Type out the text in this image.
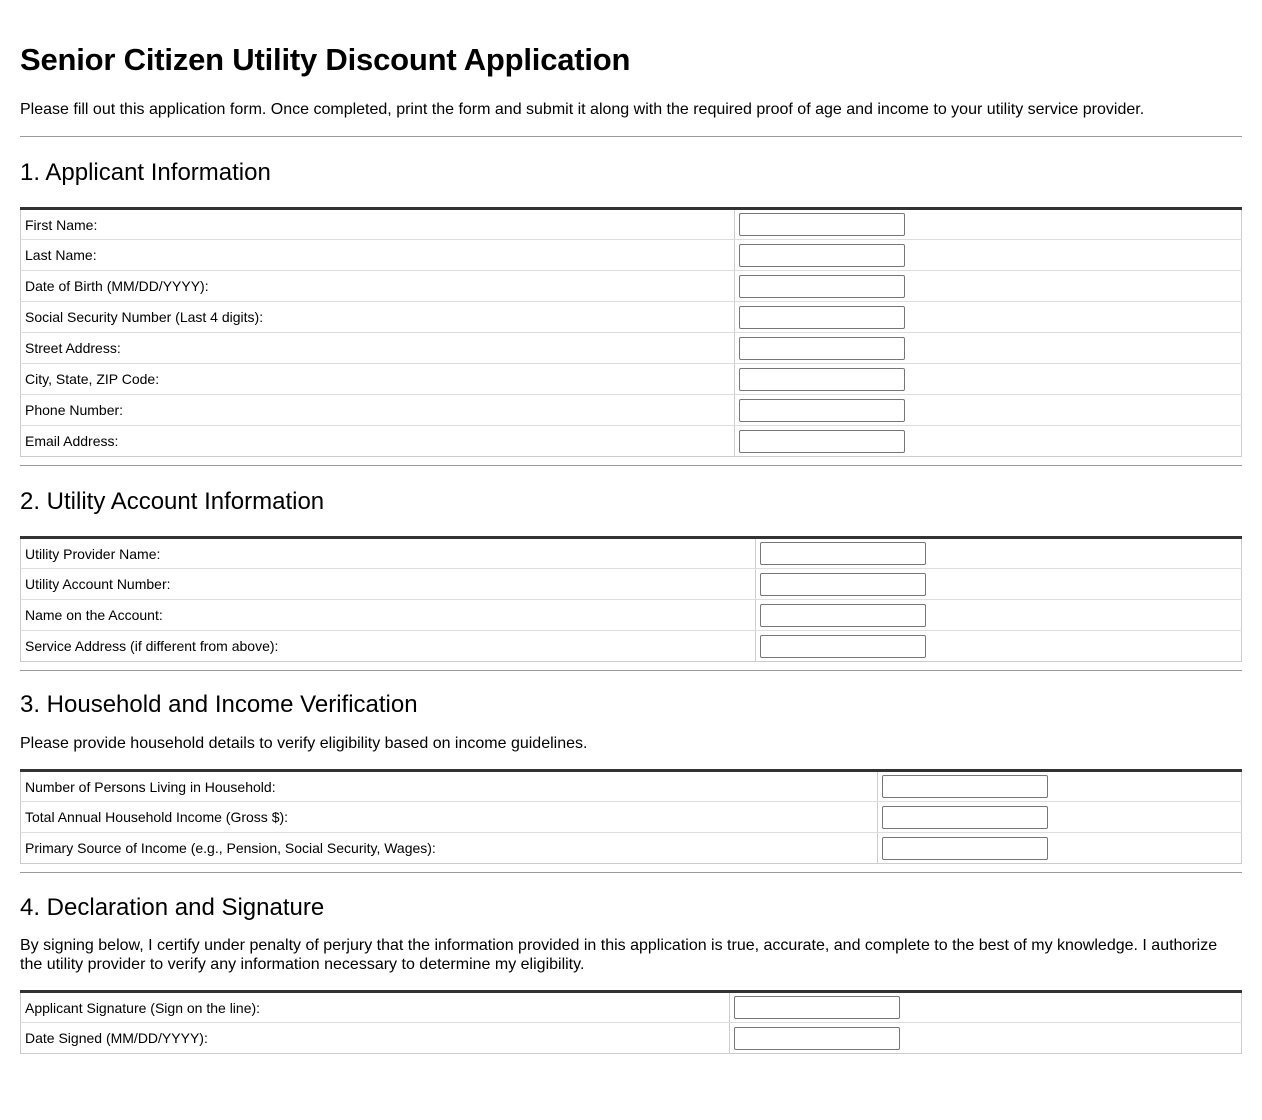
Senior Citizen Utility Discount Application

Please fill out this application form. Once completed, print the form and submit it along with the required proof of age and income to your utility service provider.

1. Applicant Information
First Name:	

Last Name:	

Date of Birth (MM/DD/YYYY):	

Social Security Number (Last 4 digits):	

Street Address:	

City, State, ZIP Code:	

Phone Number:	

Email Address:	
2. Utility Account Information
Utility Provider Name:	

Utility Account Number:	

Name on the Account:	

Service Address (if different from above):	
3. Household and Income Verification

Please provide household details to verify eligibility based on income guidelines.

Number of Persons Living in Household:	

Total Annual Household Income (Gross $):	

Primary Source of Income (e.g., Pension, Social Security, Wages):	
4. Declaration and Signature

By signing below, I certify under penalty of perjury that the information provided in this application is true, accurate, and complete to the best of my knowledge. I authorize the utility provider to verify any information necessary to determine my eligibility.

Applicant Signature (Sign on the line):	

Date Signed (MM/DD/YYYY):	
